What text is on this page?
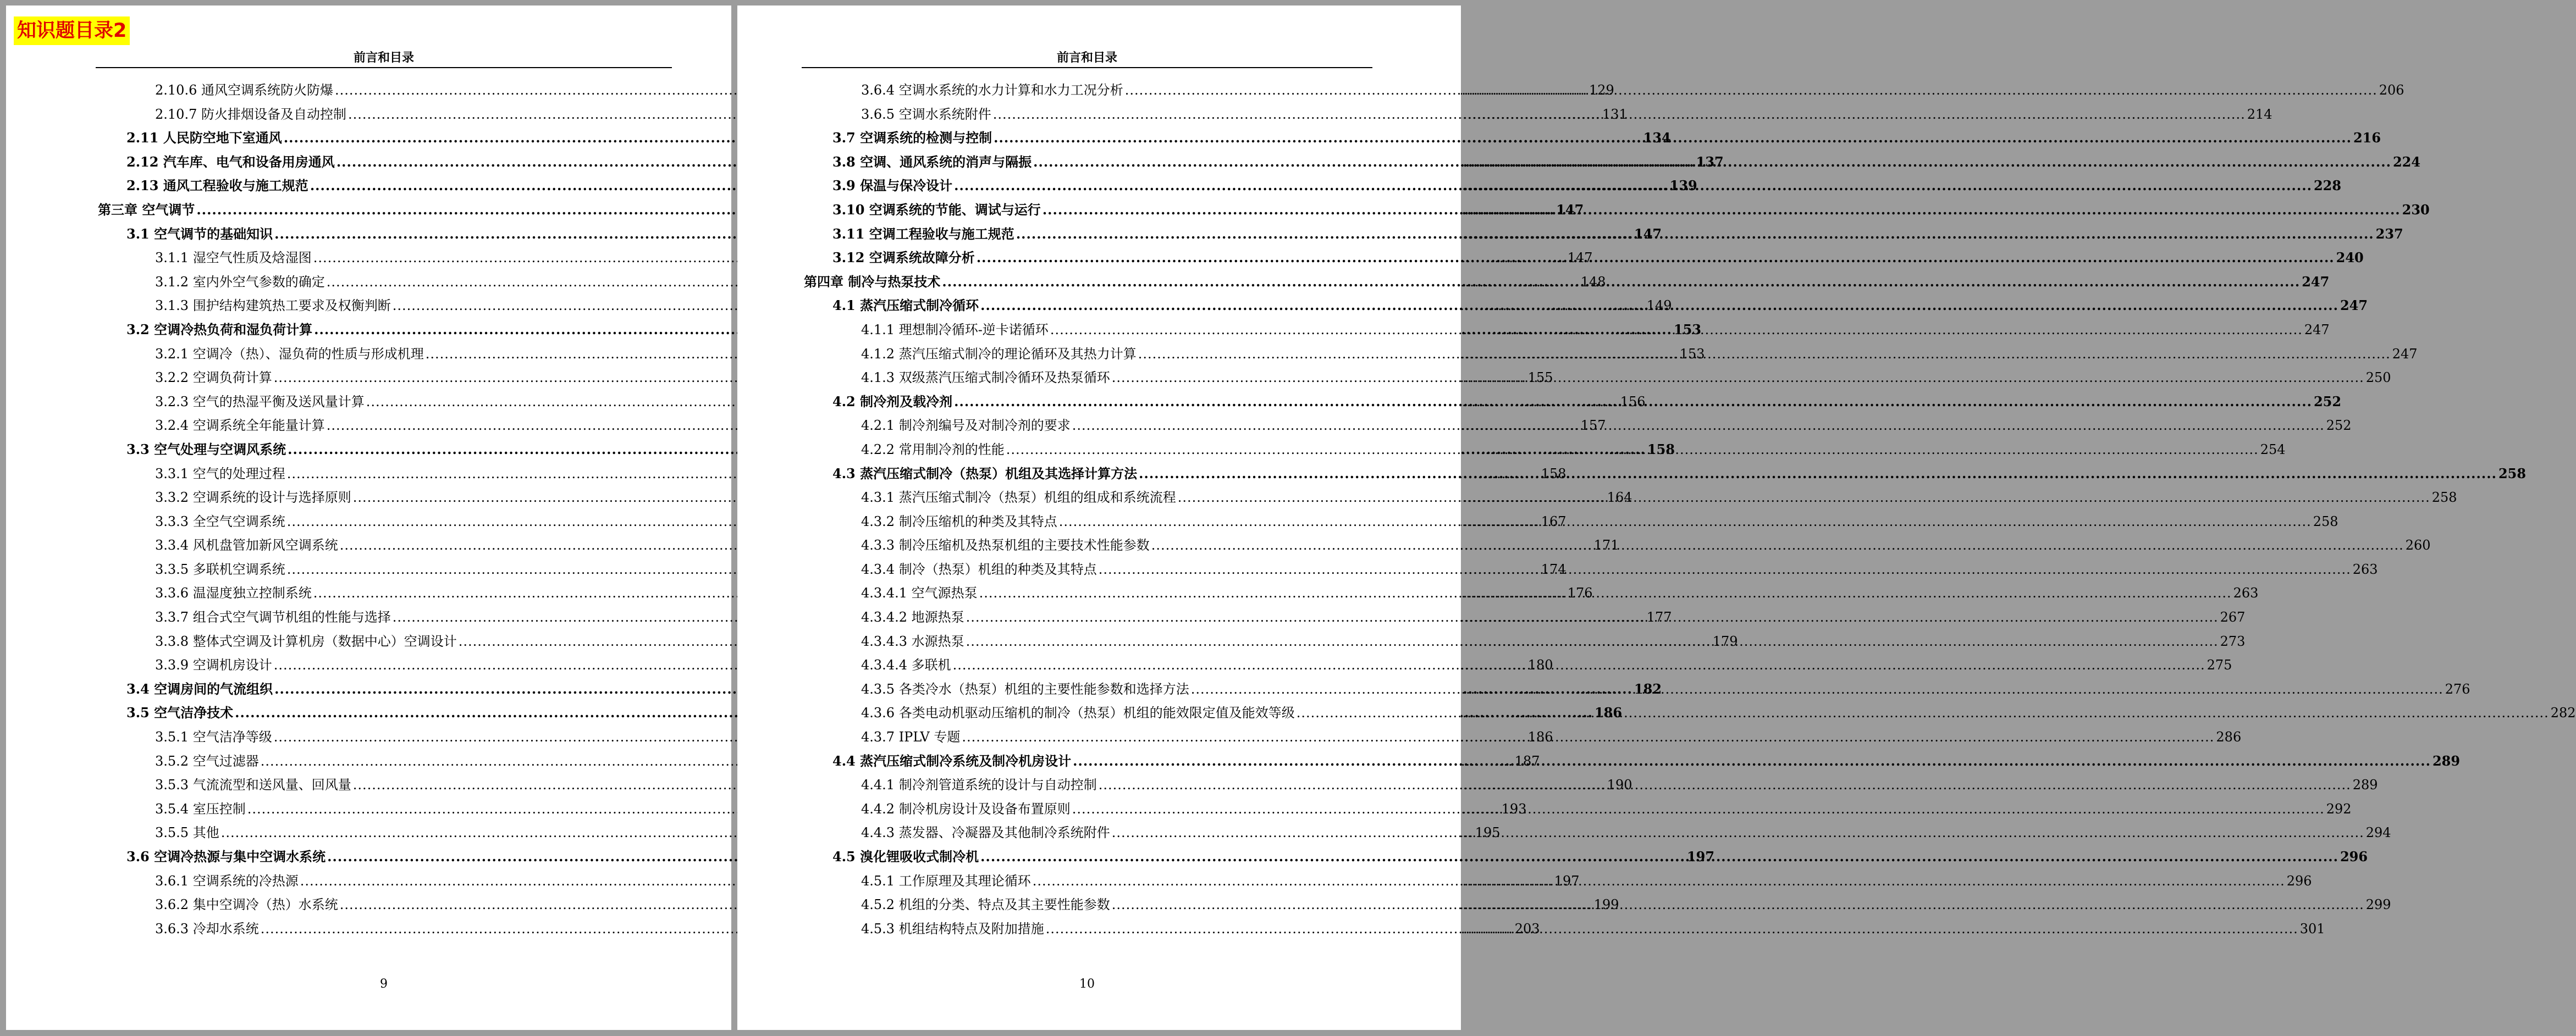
知识题目录2
前言和目录
2.10.6 通风空调系统防火防爆 .....	129
2.10.7 防火排烟设备及自动控制 .....	131
2.11 人民防空地下室通风 .....	134
2.12 汽车库、电气和设备用房通风 .....	137
2.13 通风工程验收与施工规范 .....	139
第三章 空气调节 .....	147
3.1 空气调节的基础知识 .....	147
3.1.1 湿空气性质及焓湿图 .....	147
3.1.2 室内外空气参数的确定 .....	148
3.1.3 围护结构建筑热工要求及权衡判断 .....	149
3.2 空调冷热负荷和湿负荷计算 .....	153
3.2.1 空调冷（热）、湿负荷的性质与形成机理 .....	153
3.2.2 空调负荷计算 .....	155
3.2.3 空气的热湿平衡及送风量计算 .....	156
3.2.4 空调系统全年能量计算 .....	157
3.3 空气处理与空调风系统 .....	158
3.3.1 空气的处理过程 .....	158
3.3.2 空调系统的设计与选择原则 .....	164
3.3.3 全空气空调系统 .....	167
3.3.4 风机盘管加新风空调系统 .....	171
3.3.5 多联机空调系统 .....	174
3.3.6 温湿度独立控制系统 .....	176
3.3.7 组合式空气调节机组的性能与选择 .....	177
3.3.8 整体式空调及计算机房（数据中心）空调设计 .....	179
3.3.9 空调机房设计 .....	180
3.4 空调房间的气流组织 .....	182
3.5 空气洁净技术 .....	186
3.5.1 空气洁净等级 .....	186
3.5.2 空气过滤器 .....	187
3.5.3 气流流型和送风量、回风量 .....	190
3.5.4 室压控制 .....	193
3.5.5 其他 .....	195
3.6 空调冷热源与集中空调水系统 .....	197
3.6.1 空调系统的冷热源 .....	197
3.6.2 集中空调冷（热）水系统 .....	199
3.6.3 冷却水系统 .....	203
9
前言和目录
3.6.4 空调水系统的水力计算和水力工况分析 .....	206
3.6.5 空调水系统附件 .....	214
3.7 空调系统的检测与控制 .....	216
3.8 空调、通风系统的消声与隔振 .....	224
3.9 保温与保冷设计 .....	228
3.10 空调系统的节能、调试与运行 .....	230
3.11 空调工程验收与施工规范 .....	237
3.12 空调系统故障分析 .....	240
第四章 制冷与热泵技术 .....	247
4.1 蒸汽压缩式制冷循环 .....	247
4.1.1 理想制冷循环-逆卡诺循环 .....	247
4.1.2 蒸汽压缩式制冷的理论循环及其热力计算 .....	247
4.1.3 双级蒸汽压缩式制冷循环及热泵循环 .....	250
4.2 制冷剂及载冷剂 .....	252
4.2.1 制冷剂编号及对制冷剂的要求 .....	252
4.2.2 常用制冷剂的性能 .....	254
4.3 蒸汽压缩式制冷（热泵）机组及其选择计算方法 .....	258
4.3.1 蒸汽压缩式制冷（热泵）机组的组成和系统流程 .....	258
4.3.2 制冷压缩机的种类及其特点 .....	258
4.3.3 制冷压缩机及热泵机组的主要技术性能参数 .....	260
4.3.4 制冷（热泵）机组的种类及其特点 .....	263
4.3.4.1 空气源热泵 .....	263
4.3.4.2 地源热泵 .....	267
4.3.4.3 水源热泵 .....	273
4.3.4.4 多联机 .....	275
4.3.5 各类冷水（热泵）机组的主要性能参数和选择方法 .....	276
4.3.6 各类电动机驱动压缩机的制冷（热泵）机组的能效限定值及能效等级 .....	282
4.3.7 IPLV 专题 .....	286
4.4 蒸汽压缩式制冷系统及制冷机房设计 .....	289
4.4.1 制冷剂管道系统的设计与自动控制 .....	289
4.4.2 制冷机房设计及设备布置原则 .....	292
4.4.3 蒸发器、冷凝器及其他制冷系统附件 .....	294
4.5 溴化锂吸收式制冷机 .....	296
4.5.1 工作原理及其理论循环 .....	296
4.5.2 机组的分类、特点及其主要性能参数 .....	299
4.5.3 机组结构特点及附加措施 .....	301
10
